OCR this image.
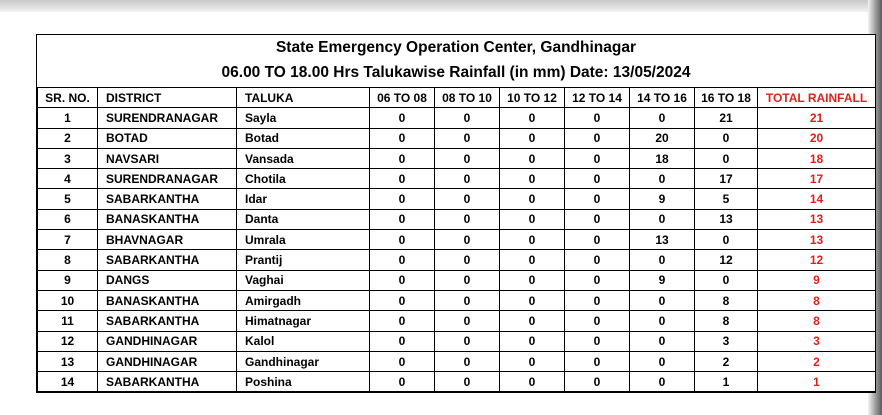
State Emergency Operation Center, Gandhinagar
06.00 TO 18.00 Hrs Talukawise Rainfall (in mm) Date: 13/05/2024
SR. NO.	DISTRICT	TALUKA	06 TO 08	08 TO 10	10 TO 12	12 TO 14	14 TO 16	16 TO 18	TOTAL RAINFALL
1	SURENDRANAGAR	Sayla	0	0	0	0	0	21	21
2	BOTAD	Botad	0	0	0	0	20	0	20
3	NAVSARI	Vansada	0	0	0	0	18	0	18
4	SURENDRANAGAR	Chotila	0	0	0	0	0	17	17
5	SABARKANTHA	Idar	0	0	0	0	9	5	14
6	BANASKANTHA	Danta	0	0	0	0	0	13	13
7	BHAVNAGAR	Umrala	0	0	0	0	13	0	13
8	SABARKANTHA	Prantij	0	0	0	0	0	12	12
9	DANGS	Vaghai	0	0	0	0	9	0	9
10	BANASKANTHA	Amirgadh	0	0	0	0	0	8	8
11	SABARKANTHA	Himatnagar	0	0	0	0	0	8	8
12	GANDHINAGAR	Kalol	0	0	0	0	0	3	3
13	GANDHINAGAR	Gandhinagar	0	0	0	0	0	2	2
14	SABARKANTHA	Poshina	0	0	0	0	0	1	1
